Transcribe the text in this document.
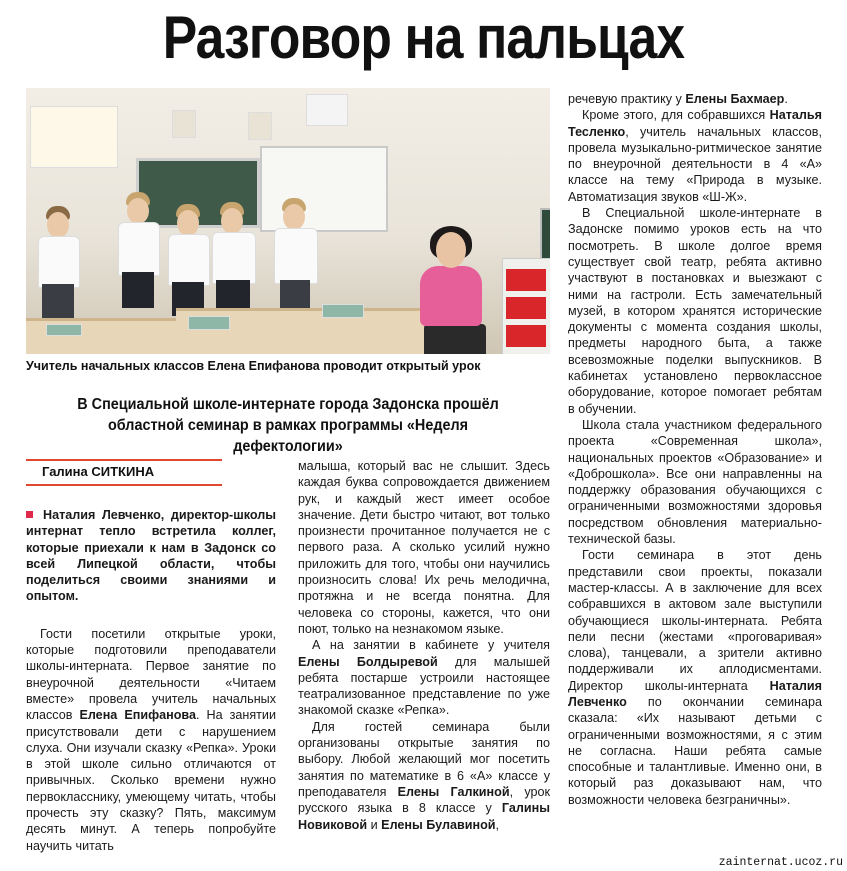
Разговор на пальцах
Учитель начальных классов Елена Епифанова проводит открытый урок
В Специальной школе-интернате города Задонска прошёл областной семинар в рамках программы «Неделя дефектологии»
Галина СИТКИНА

Наталия Левченко, директор-школы интернат тепло встретила коллег, которые приехали к нам в Задонск со всей Липецкой области, чтобы поделиться своими знаниями и опытом.

Гости посетили открытые уроки, которые подготовили преподаватели школы-интерната. Первое занятие по внеурочной деятельности «Читаем вместе» провела учитель начальных классов Елена Епифанова. На занятии присутствовали дети с нарушением слуха. Они изучали сказку «Репка». Уроки в этой школе сильно отличаются от привычных. Сколько времени нужно первокласснику, умеющему читать, чтобы прочесть эту сказку? Пять, максимум десять минут. А теперь попробуйте научить читать

малыша, который вас не слышит. Здесь каждая буква сопровождается движением рук, и каждый жест имеет особое значение. Дети быстро читают, вот только произнести прочитанное получается не с первого раза. А сколько усилий нужно приложить для того, чтобы они научились произносить слова! Их речь мелодична, протяжна и не всегда понятна. Для человека со стороны, кажется, что они поют, только на незнакомом языке.

А на занятии в кабинете у учителя Елены Болдыревой для малышей ребята постарше устроили настоящее театрализованное представление по уже знакомой сказке «Репка».

Для гостей семинара были организованы открытые занятия по выбору. Любой желающий мог посетить занятия по математике в 6 «А» классе у преподавателя Елены Галкиной, урок русского языка в 8 классе у Галины Новиковой и Елены Булавиной,

речевую практику у Елены Бахмаер.

Кроме этого, для собравшихся Наталья Тесленко, учитель начальных классов, провела музыкально-ритмическое занятие по внеурочной деятельности в 4 «А» классе на тему «Природа в музыке. Автоматизация звуков «Ш-Ж».

В Специальной школе-интернате в Задонске помимо уроков есть на что посмотреть. В школе долгое время существует свой театр, ребята активно участвуют в постановках и выезжают с ними на гастроли. Есть замечательный музей, в котором хранятся исторические документы с момента создания школы, предметы народного быта, а также всевозможные поделки выпускников. В кабинетах установлено первоклассное оборудование, которое помогает ребятам в обучении.

Школа стала участником федерального проекта «Современная школа», национальных проектов «Образование» и «Доброшкола». Все они направленны на поддержку образования обучающихся с ограниченными возможностями здоровья посредством обновления материально-технической базы.

Гости семинара в этот день представили свои проекты, показали мастер-классы. А в заключение для всех собравшихся в актовом зале выступили обучающиеся школы-интерната. Ребята пели песни (жестами «проговаривая» слова), танцевали, а зрители активно поддерживали их аплодисментами. Директор школы-интерната Наталия Левченко по окончании семинара сказала: «Их называют детьми с ограниченными возможностями, я с этим не согласна. Наши ребята самые способные и талантливые. Именно они, в который раз доказывают нам, что возможности человека безграничны».

zainternat.ucoz.ru
